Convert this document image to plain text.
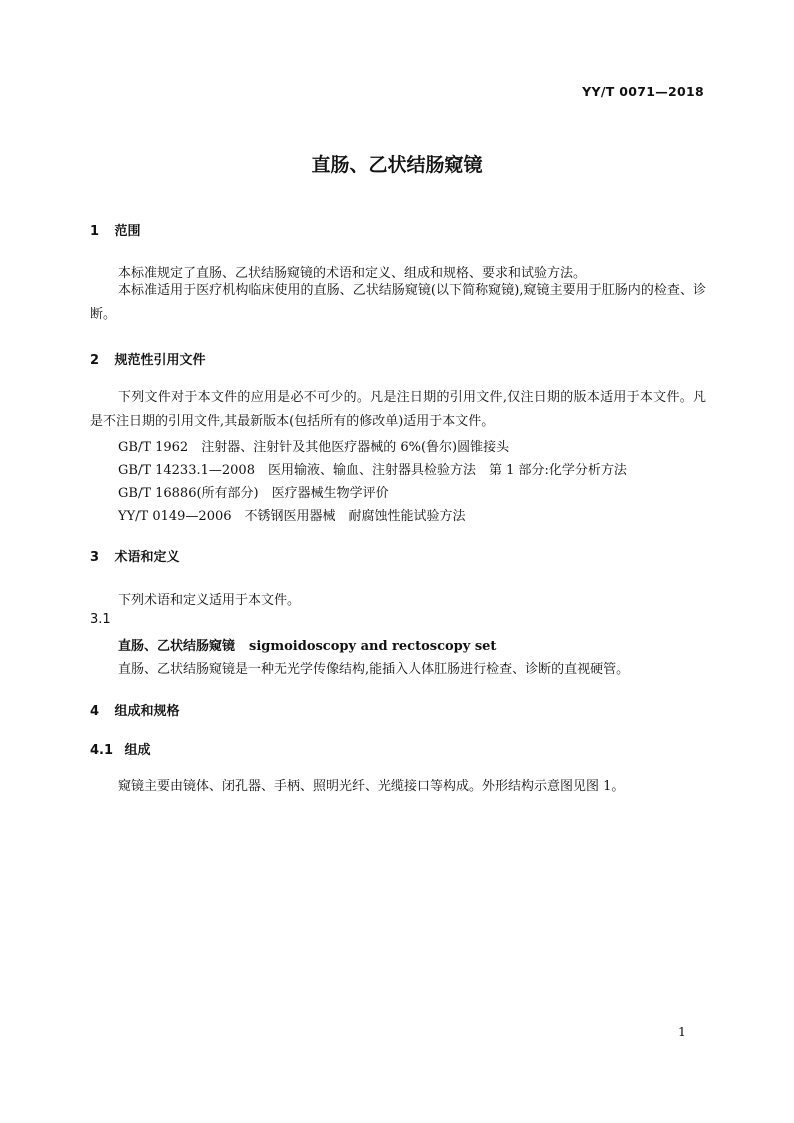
YY/T 0071—2018
直肠、乙状结肠窥镜
1 范围
本标准规定了直肠、乙状结肠窥镜的术语和定义、组成和规格、要求和试验方法。
本标准适用于医疗机构临床使用的直肠、乙状结肠窥镜(以下简称窥镜),窥镜主要用于肛肠内的检查、诊断。
2 规范性引用文件
下列文件对于本文件的应用是必不可少的。凡是注日期的引用文件,仅注日期的版本适用于本文件。凡是不注日期的引用文件,其最新版本(包括所有的修改单)适用于本文件。
GB/T 1962　注射器、注射针及其他医疗器械的 6%(鲁尔)圆锥接头
GB/T 14233.1—2008　医用输液、输血、注射器具检验方法　第 1 部分:化学分析方法
GB/T 16886(所有部分)　医疗器械生物学评价
YY/T 0149—2006　不锈钢医用器械　耐腐蚀性能试验方法
3 术语和定义
下列术语和定义适用于本文件。
3.1
直肠、乙状结肠窥镜 sigmoidoscopy and rectoscopy set
直肠、乙状结肠窥镜是一种无光学传像结构,能插入人体肛肠进行检查、诊断的直视硬管。
4 组成和规格
4.1 组成
窥镜主要由镜体、闭孔器、手柄、照明光纤、光缆接口等构成。外形结构示意图见图 1。
1
